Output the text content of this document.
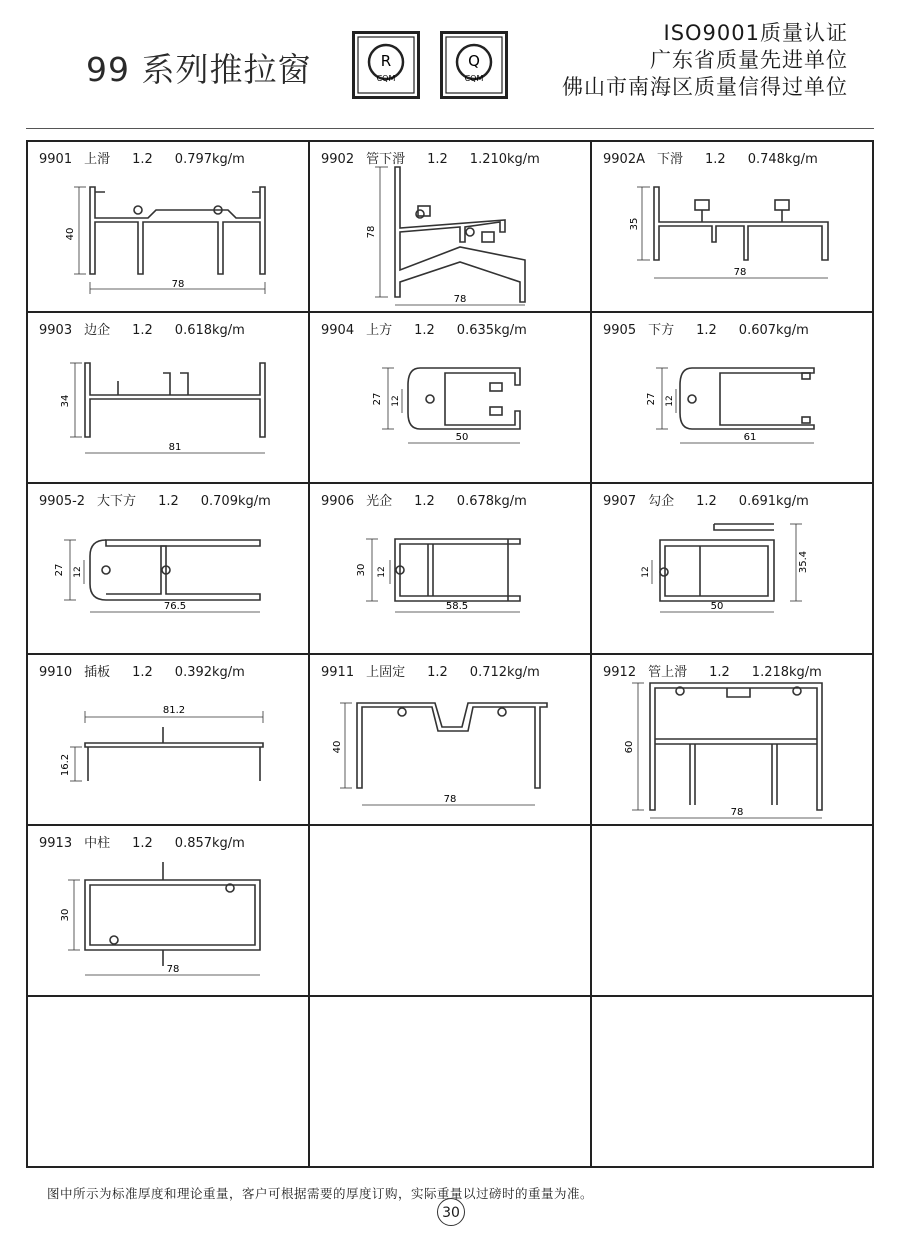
99 系列推拉窗	R
CQM
Q
CQM
ISO9001质量认证
广东省质量先进单位
佛山市南海区质量信得过单位
9901 上滑 1.2 0.797kg/m
40
78
9902 管下滑 1.2 1.210kg/m
78
78
9902A 下滑 1.2 0.748kg/m
35
78
9903 边企 1.2 0.618kg/m
34
81
9904 上方 1.2 0.635kg/m
27 12
50
9905 下方 1.2 0.607kg/m
27 12
61
9905-2 大下方 1.2 0.709kg/m
27 12
76.5
9906 光企 1.2 0.678kg/m
30 12
58.5
9907 勾企 1.2 0.691kg/m
12	35.4
50
9910 插板 1.2 0.392kg/m
81.2
16.2
9911 上固定 1.2 0.712kg/m
40
78
9912 管上滑 1.2 1.218kg/m
60
78
9913 中柱 1.2 0.857kg/m
30
78
图中所示为标准厚度和理论重量，客户可根据需要的厚度订购，实际重量以过磅时的重量为准。
30
